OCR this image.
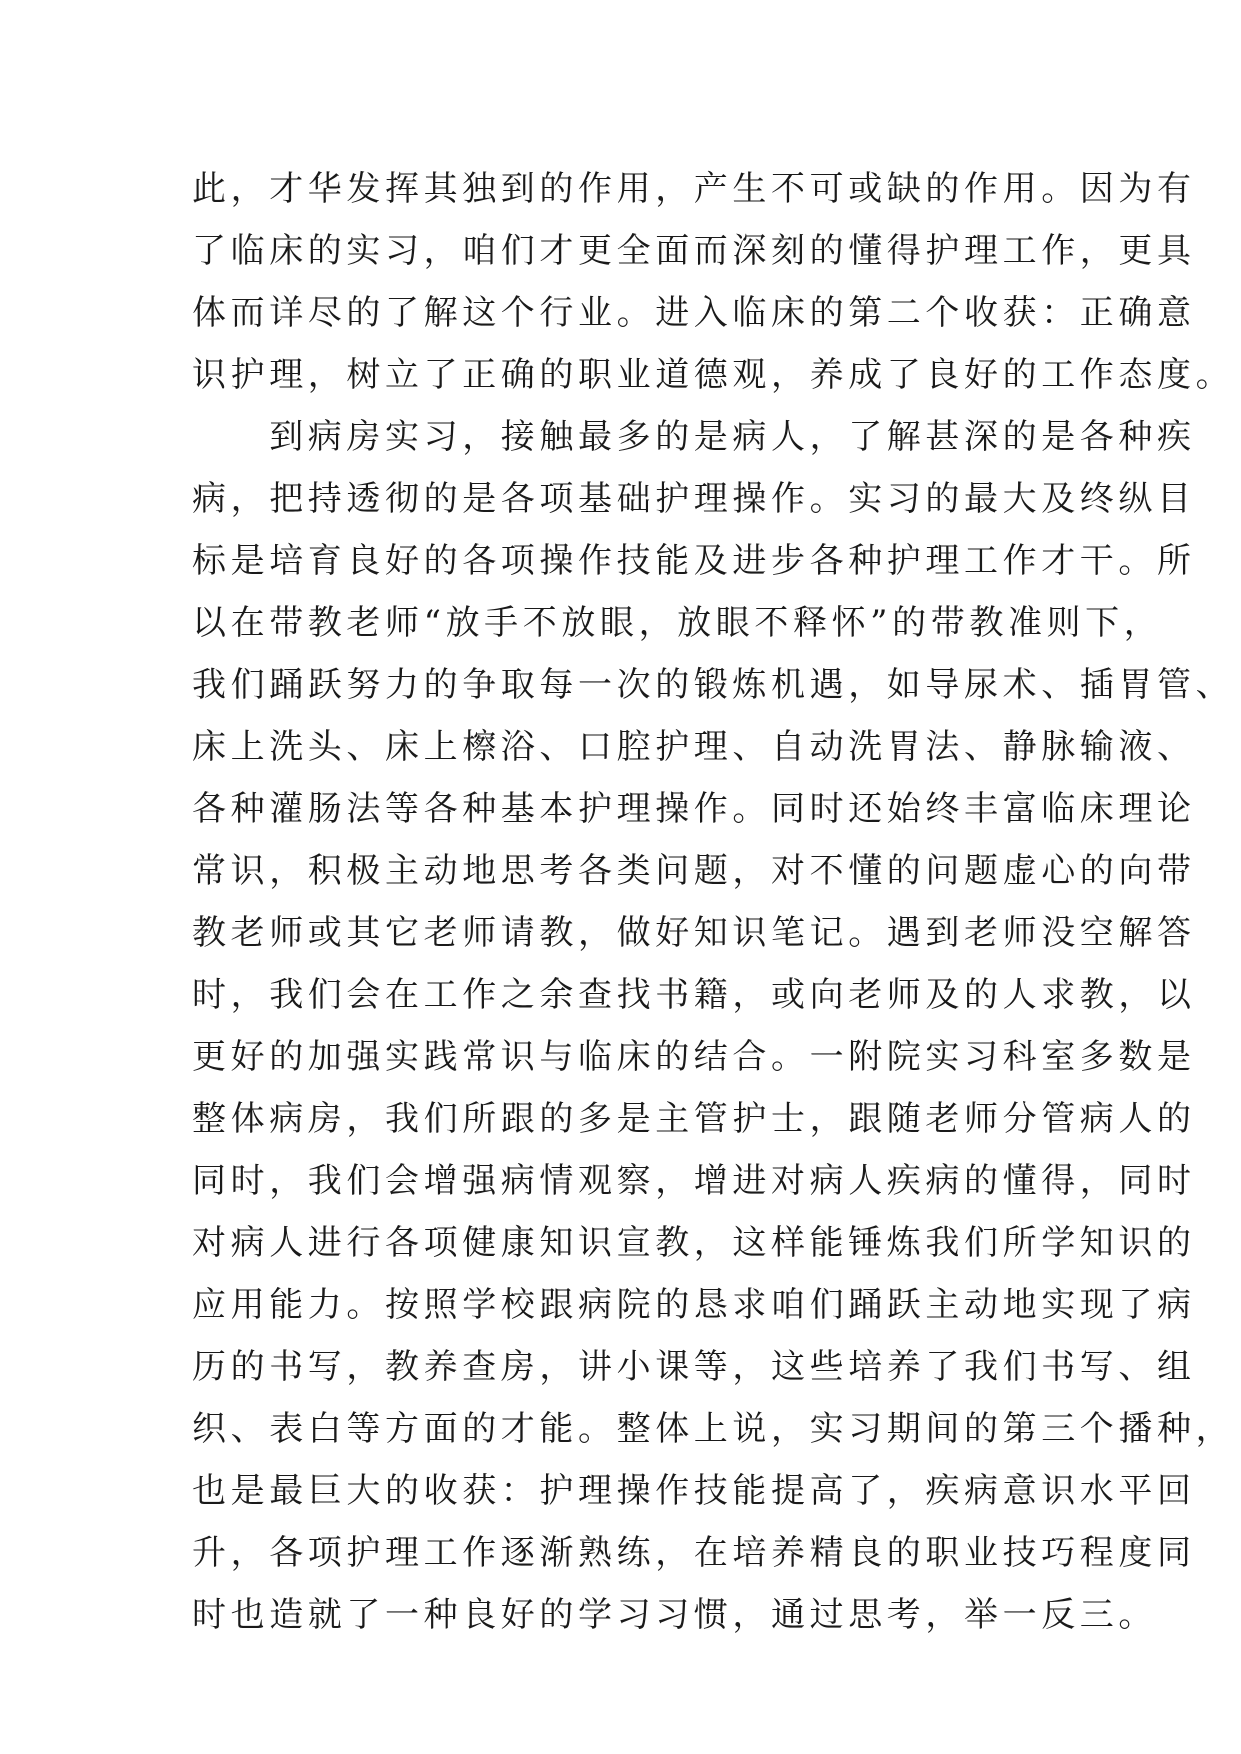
此，才华发挥其独到的作用，产生不可或缺的作用。因为有
了临床的实习，咱们才更全面而深刻的懂得护理工作，更具
体而详尽的了解这个行业。进入临床的第二个收获：正确意
识护理，树立了正确的职业道德观，养成了良好的工作态度。
　　到病房实习，接触最多的是病人，了解甚深的是各种疾
病，把持透彻的是各项基础护理操作。实习的最大及终纵目
标是培育良好的各项操作技能及进步各种护理工作才干。所
以在带教老师“放手不放眼，放眼不释怀”的带教准则下，
我们踊跃努力的争取每一次的锻炼机遇，如导尿术、插胃管、
床上洗头、床上檫浴、口腔护理、自动洗胃法、静脉输液、
各种灌肠法等各种基本护理操作。同时还始终丰富临床理论
常识，积极主动地思考各类问题，对不懂的问题虚心的向带
教老师或其它老师请教，做好知识笔记。遇到老师没空解答
时，我们会在工作之余查找书籍，或向老师及的人求教，以
更好的加强实践常识与临床的结合。一附院实习科室多数是
整体病房，我们所跟的多是主管护士，跟随老师分管病人的
同时，我们会增强病情观察，增进对病人疾病的懂得，同时
对病人进行各项健康知识宣教，这样能锤炼我们所学知识的
应用能力。按照学校跟病院的恳求咱们踊跃主动地实现了病
历的书写，教养查房，讲小课等，这些培养了我们书写、组
织、表白等方面的才能。整体上说，实习期间的第三个播种，
也是最巨大的收获：护理操作技能提高了，疾病意识水平回
升，各项护理工作逐渐熟练，在培养精良的职业技巧程度同
时也造就了一种良好的学习习惯，通过思考，举一反三。
